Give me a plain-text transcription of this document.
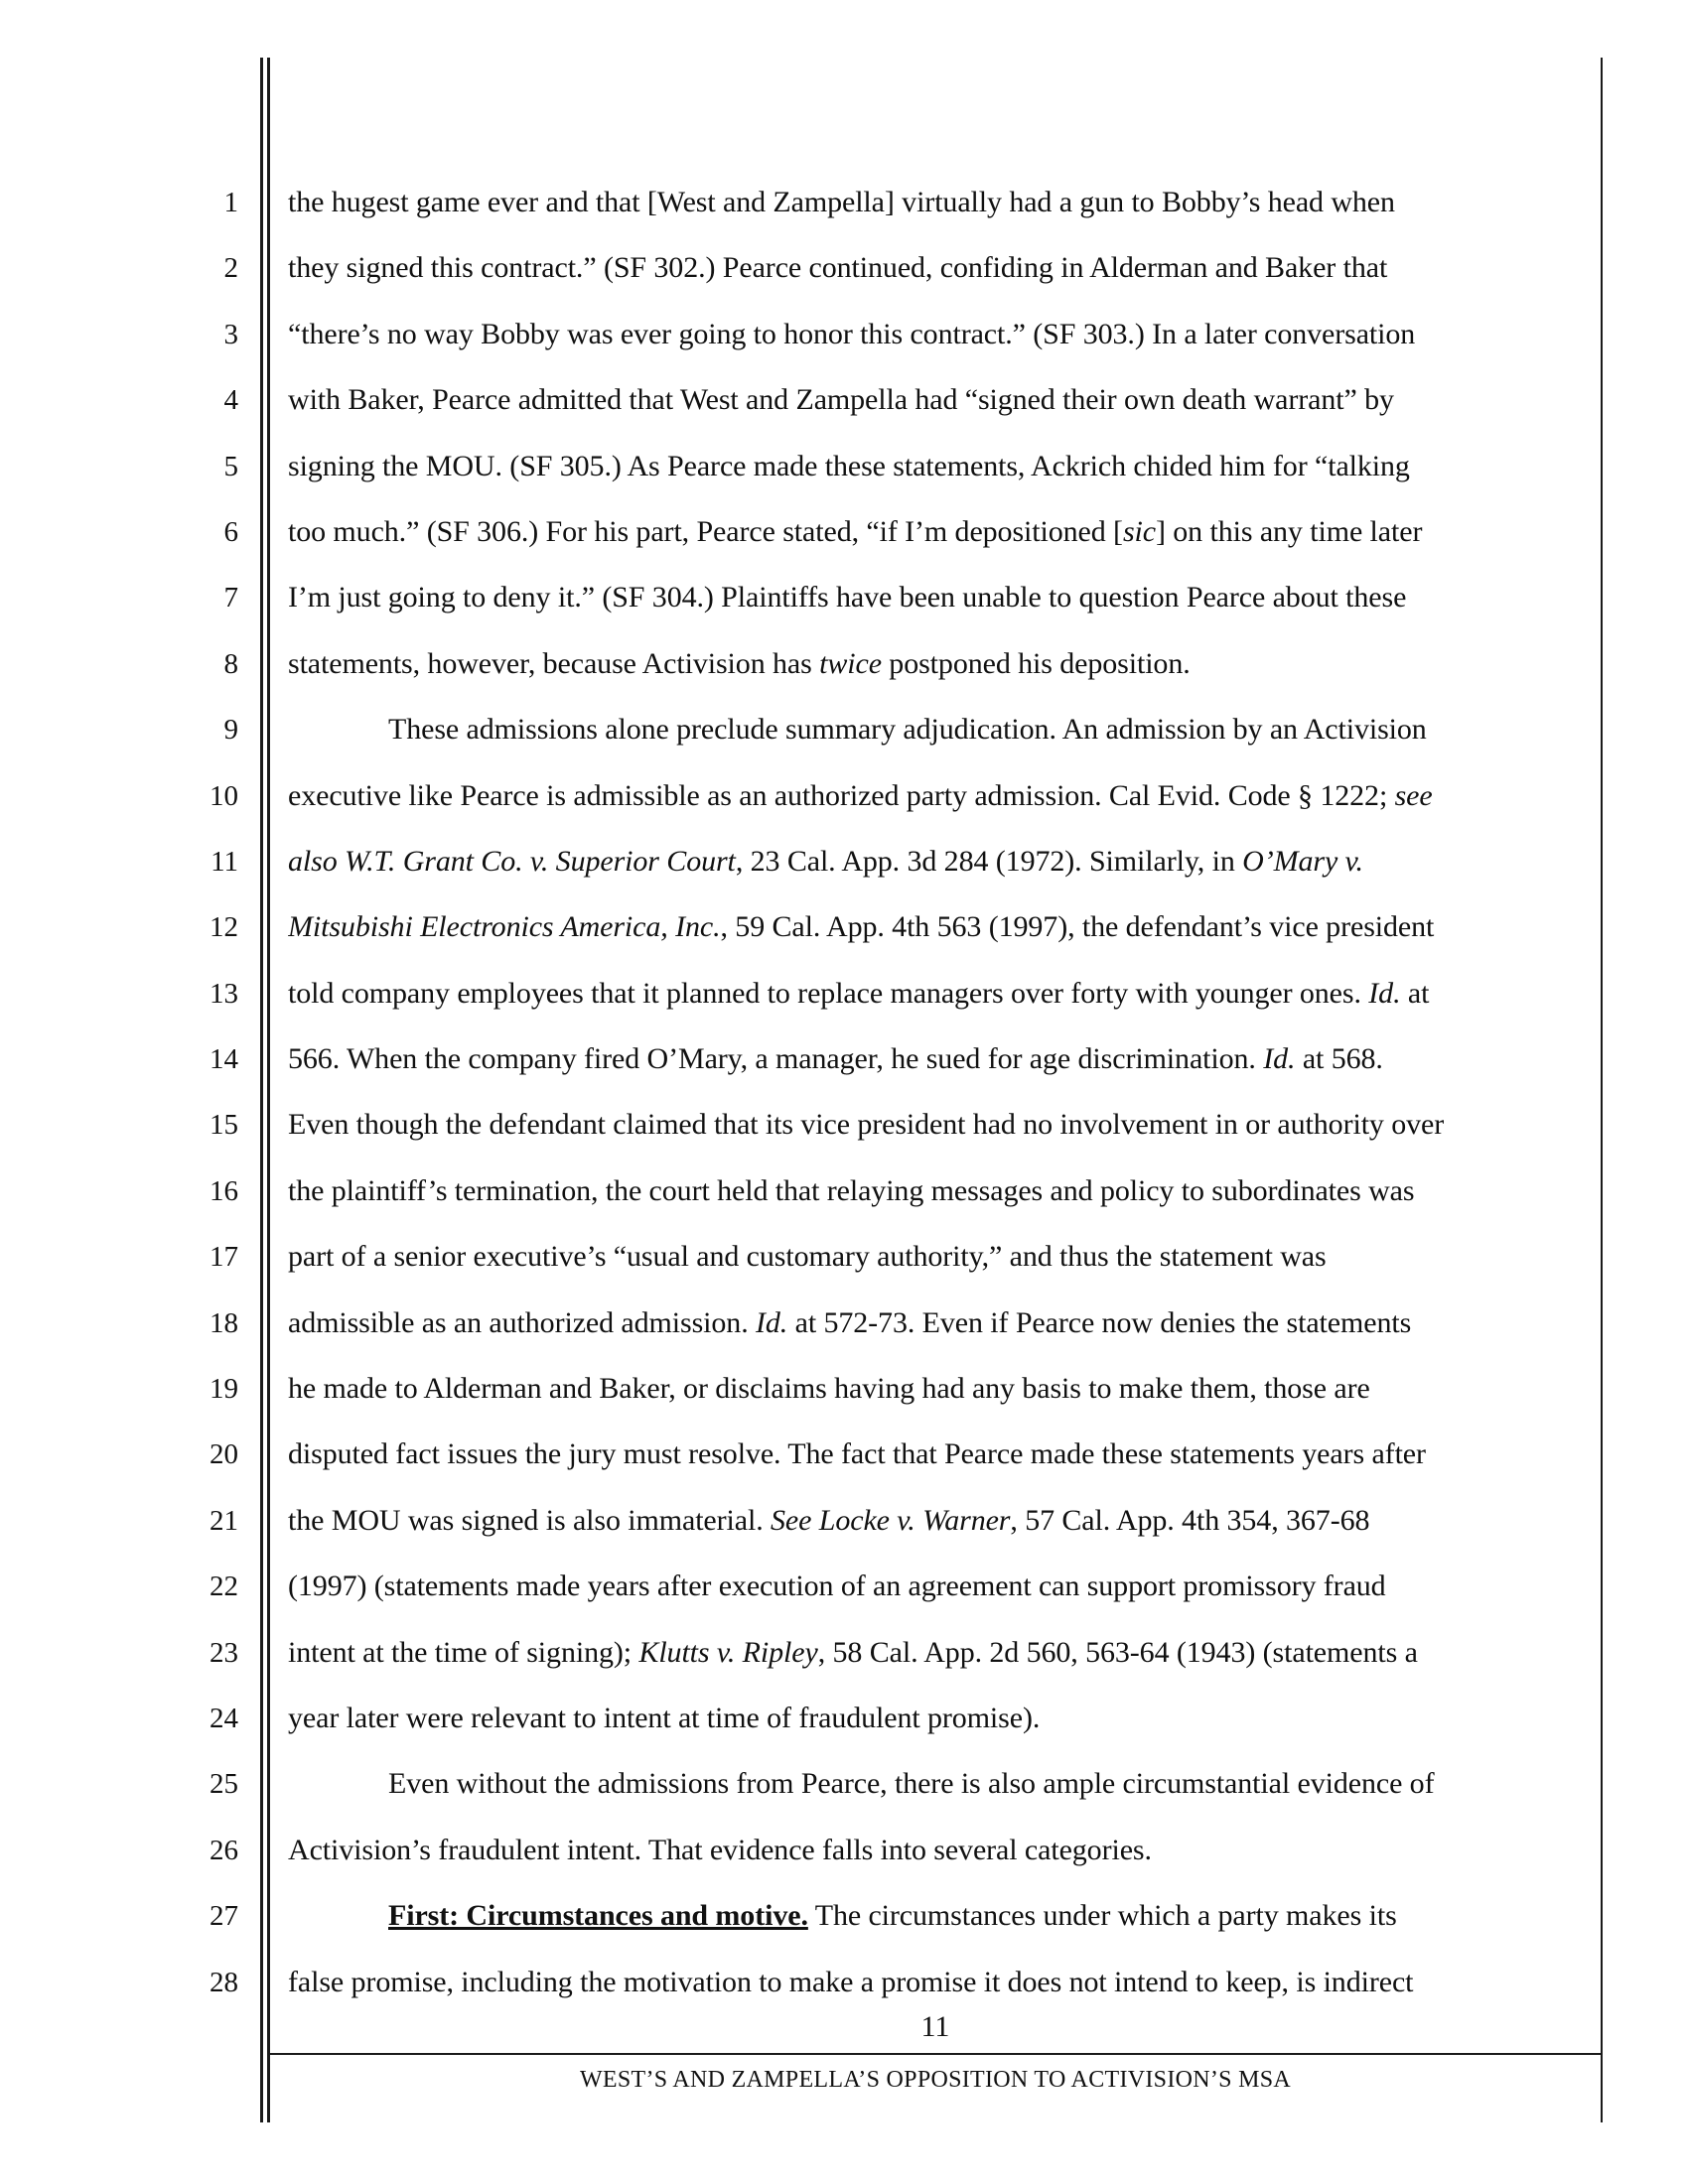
1
2
3
4
5
6
7
8
9
10
11
12
13
14
15
16
17
18
19
20
21
22
23
24
25
26
27
28
the hugest game ever and that [West and Zampella] virtually had a gun to Bobby’s head when
they signed this contract.” (SF 302.) Pearce continued, confiding in Alderman and Baker that
“there’s no way Bobby was ever going to honor this contract.” (SF 303.) In a later conversation
with Baker, Pearce admitted that West and Zampella had “signed their own death warrant” by
signing the MOU. (SF 305.) As Pearce made these statements, Ackrich chided him for “talking
too much.” (SF 306.) For his part, Pearce stated, “if I’m depositioned [sic] on this any time later
I’m just going to deny it.” (SF 304.) Plaintiffs have been unable to question Pearce about these
statements, however, because Activision has twice postponed his deposition.
These admissions alone preclude summary adjudication. An admission by an Activision
executive like Pearce is admissible as an authorized party admission. Cal Evid. Code § 1222; see
also W.T. Grant Co. v. Superior Court, 23 Cal. App. 3d 284 (1972). Similarly, in O’Mary v.
Mitsubishi Electronics America, Inc., 59 Cal. App. 4th 563 (1997), the defendant’s vice president
told company employees that it planned to replace managers over forty with younger ones. Id. at
566. When the company fired O’Mary, a manager, he sued for age discrimination. Id. at 568.
Even though the defendant claimed that its vice president had no involvement in or authority over
the plaintiff’s termination, the court held that relaying messages and policy to subordinates was
part of a senior executive’s “usual and customary authority,” and thus the statement was
admissible as an authorized admission. Id. at 572-73. Even if Pearce now denies the statements
he made to Alderman and Baker, or disclaims having had any basis to make them, those are
disputed fact issues the jury must resolve. The fact that Pearce made these statements years after
the MOU was signed is also immaterial. See Locke v. Warner, 57 Cal. App. 4th 354, 367-68
(1997) (statements made years after execution of an agreement can support promissory fraud
intent at the time of signing); Klutts v. Ripley, 58 Cal. App. 2d 560, 563-64 (1943) (statements a
year later were relevant to intent at time of fraudulent promise).
Even without the admissions from Pearce, there is also ample circumstantial evidence of
Activision’s fraudulent intent. That evidence falls into several categories.
First: Circumstances and motive. The circumstances under which a party makes its
false promise, including the motivation to make a promise it does not intend to keep, is indirect
11
WEST’S AND ZAMPELLA’S OPPOSITION TO ACTIVISION’S MSA
